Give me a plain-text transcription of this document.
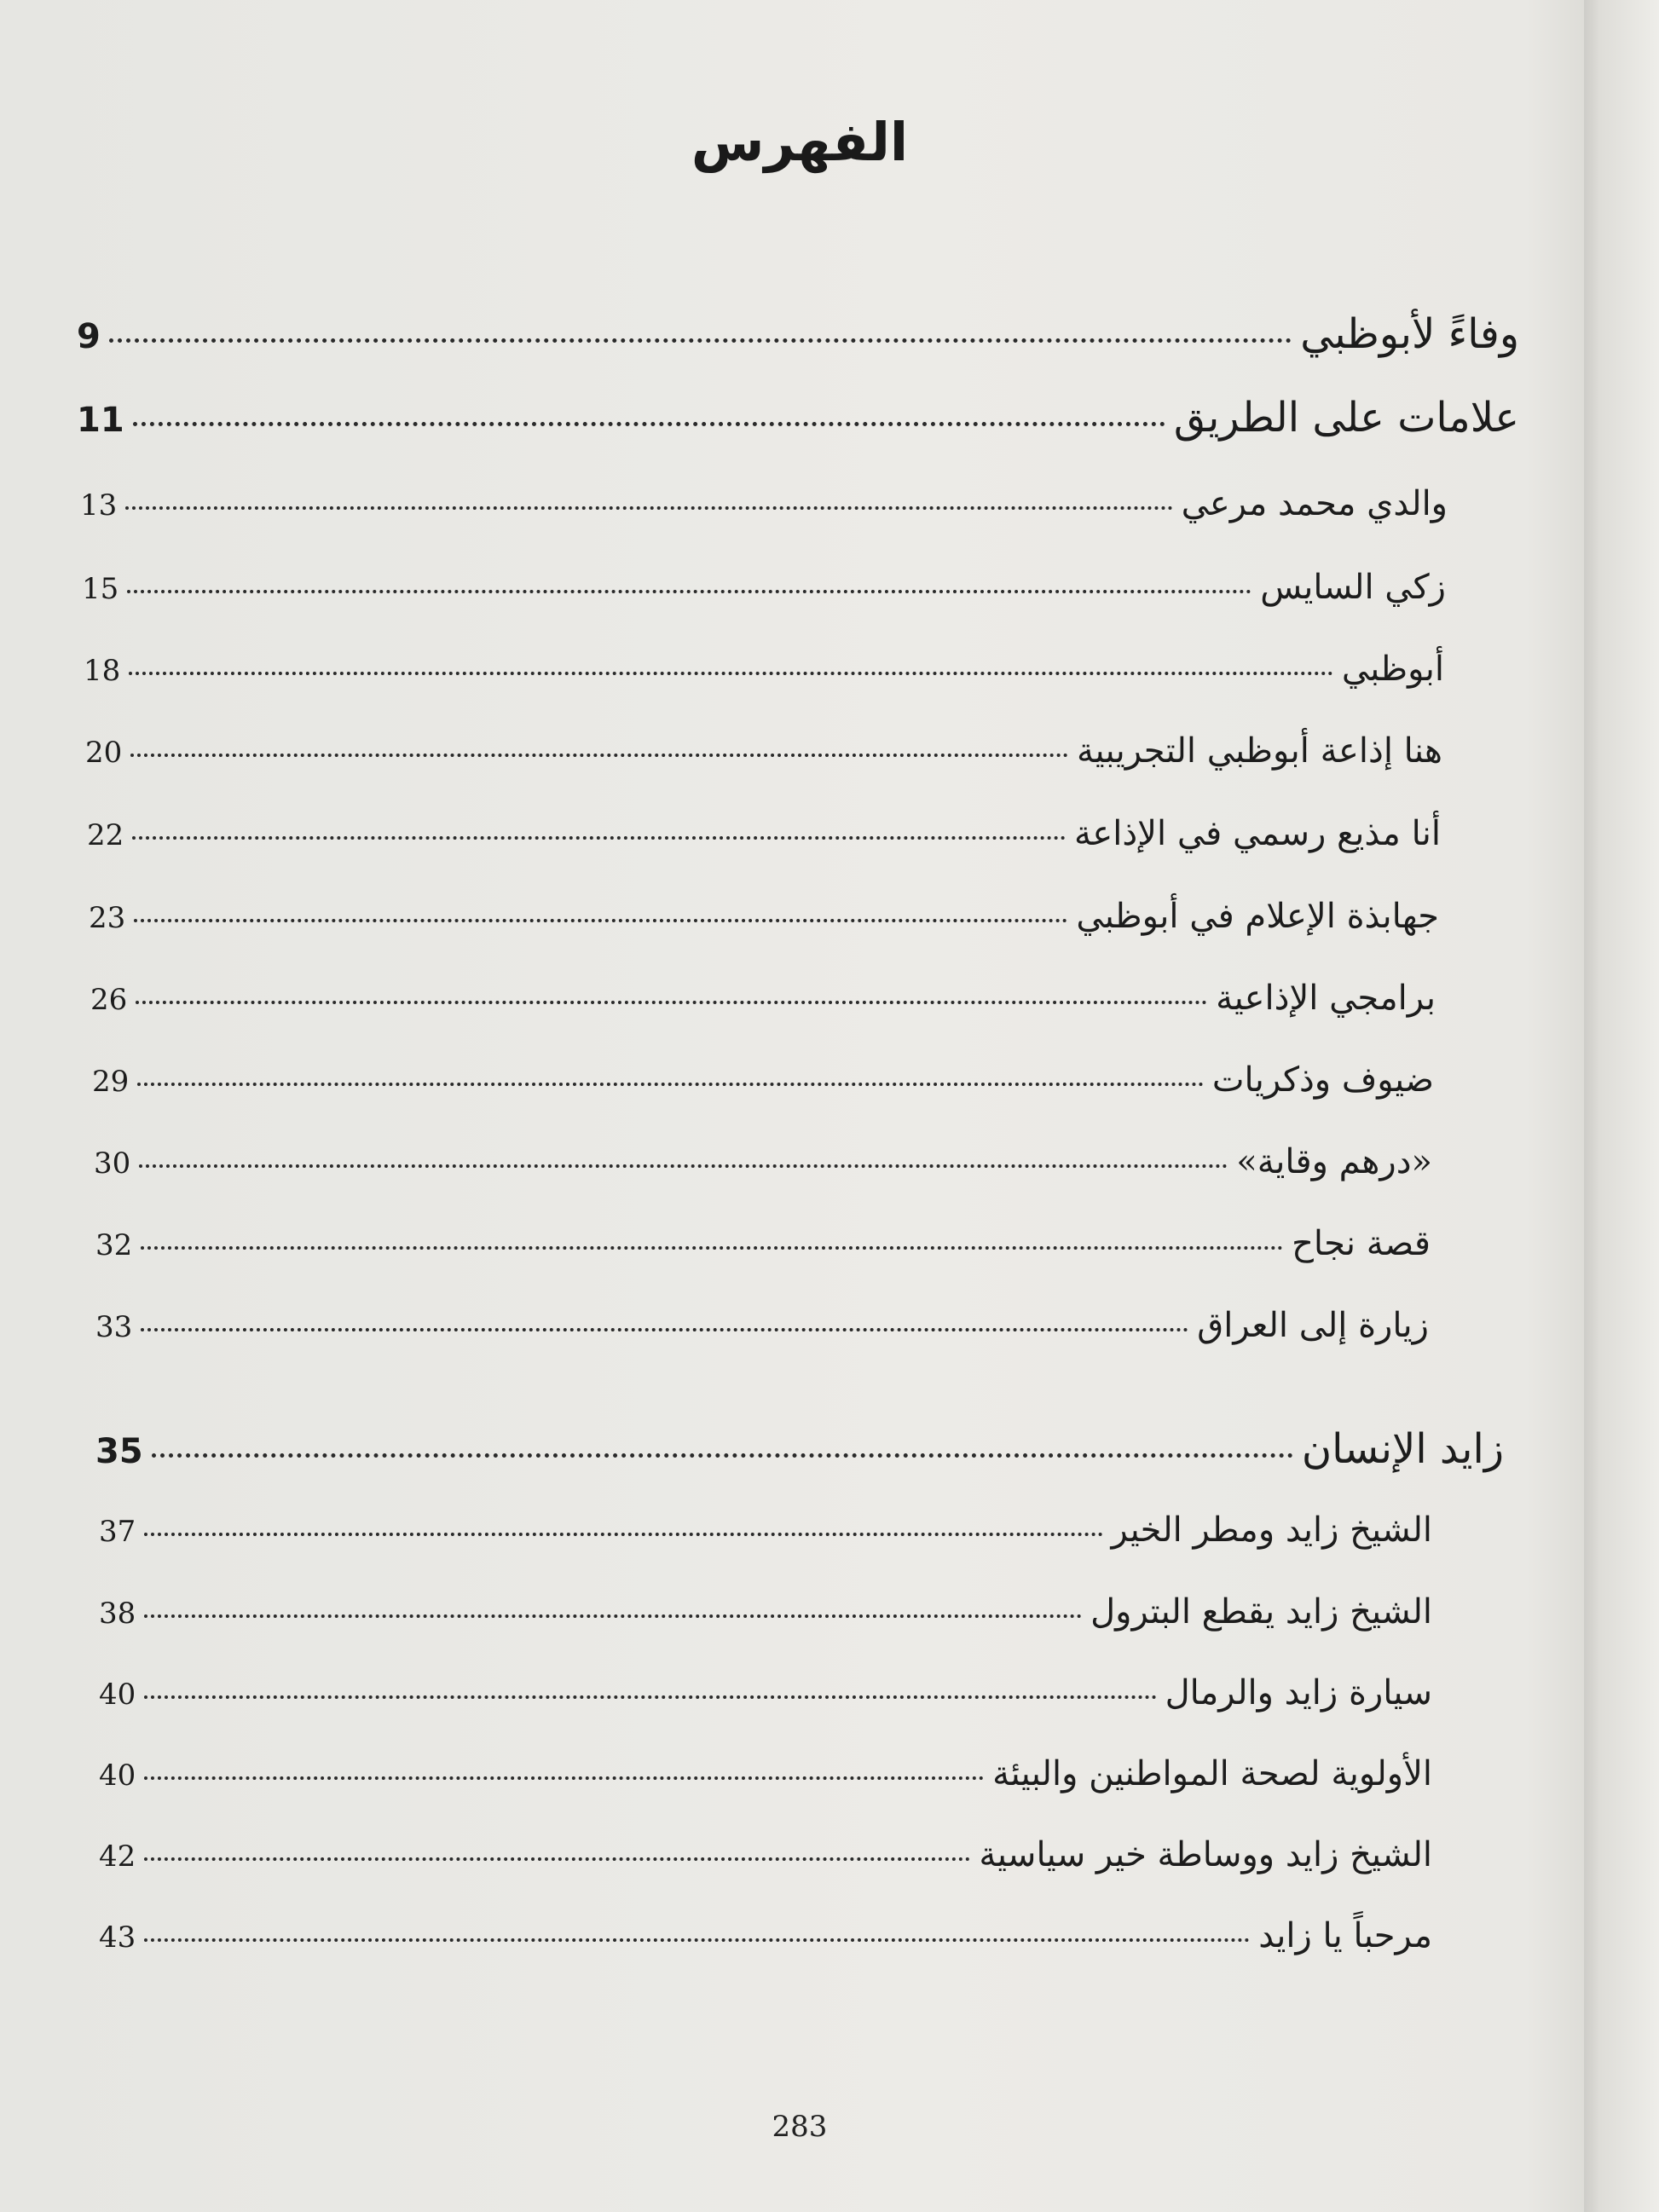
الفهرس
وفاءً لأبوظبي
9
علامات على الطريق
11
والدي محمد مرعي
13
زكي السايس
15
أبوظبي
18
هنا إذاعة أبوظبي التجريبية
20
أنا مذيع رسمي في الإذاعة
22
جهابذة الإعلام في أبوظبي
23
برامجي الإذاعية
26
ضيوف وذكريات
29
«درهم وقاية»
30
قصة نجاح
32
زيارة إلى العراق
33
زايد الإنسان
35
الشيخ زايد ومطر الخير
37
الشيخ زايد يقطع البترول
38
سيارة زايد والرمال
40
الأولوية لصحة المواطنين والبيئة
40
الشيخ زايد ووساطة خير سياسية
42
مرحباً يا زايد
43
283
